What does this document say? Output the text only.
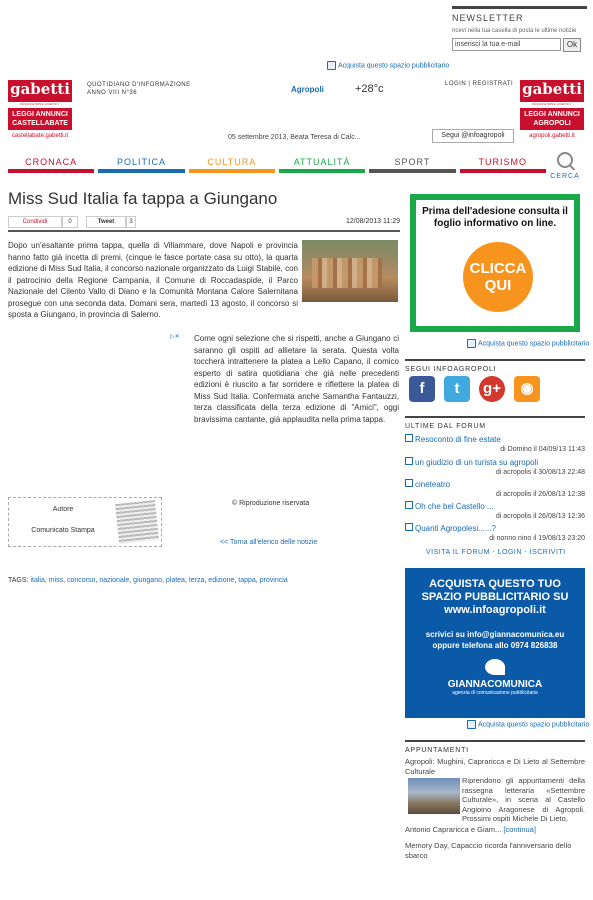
NEWSLETTER
ricevi nella tua casella di posta le ultime notizie
inserisci la tua e-mail	Ok
Acquista questo spazio pubblicitario
gabetti
FRANCHISING AGENCY
LEGGI ANNUNCI
CASTELLABATE
castellabate.gabetti.it
QUOTIDIANO D'INFORMAZIONE
ANNO VIII N°36	Agropoli	+28°c	LOGIN | REGISTRATI gabetti
FRANCHISING AGENCY
LEGGI ANNUNCI
AGROPOLI
agropoli.gabetti.it
05 settembre 2013, Beata Teresa di Calc...	Segui @infoagropoli
CRONACA	POLITICA	CULTURA	ATTUALITÀ	SPORT	TURISMO
CERCA
Miss Sud Italia fa tappa a Giungano
Condividi	0	Tweet	3	12/08/2013 11:29
Dopo un'esaltante prima tappa, quella di Villammare, dove Napoli e provincia hanno fatto già incetta di premi, (cinque le fasce portate casa su otto), la quarta edizione di Miss Sud Italia, il concorso nazionale organizzato da Luigi Stabile, con il patrocinio della Regione Campania, il Comune di Roccadaspide, il Parco Nazionale del Cilento Vallo di Diano e la Comunità Montana Calore Salernitana prosegue con una seconda data. Domani sera, martedì 13 agosto, il concorso si sposta a Giungano, in provincia di Salerno.
▷✕	Come ogni selezione che si rispetti, anche a Giungano ci saranno gli ospiti ad allietare la serata. Questa volta toccherà intrattenere la platea a Lello Capano, il comico esperto di satira quotidiana che già nelle precedenti edizioni è riuscito a far sorridere e riflettere la platea di Miss Sud Italia. Confermata anche Samantha Fantauzzi, terza classificata della terza edizione di "Amici", oggi bravissima cantante, già applaudita nella prima tappa.
Autore
Comunicato Stampa
© Riproduzione riservata
<< Torna all'elenco delle notizie
TAGS: italia, miss, concorso, nazionale, giungano, platea, terza, edizione, tappa, provincia
Prima dell'adesione consulta il foglio informativo on line.
CLICCA
QUI
Acquista questo spazio pubblicitario
SEGUI INFOAGROPOLI
f	t	g+	◉
ULTIME DAL FORUM
Resoconto di fine estate
di Domino il 04/09/13 11:43
un giudizio di un turista su agropoli
di acropolis il 30/08/13 22:48
cineteatro
di acropolis il 26/08/13 12:38
Oh che bel Castello ...
di acropolis il 26/08/13 12:36
Quanti Agropolesi......?
di nonno nino il 19/08/13 23:20
VISITA IL FORUM - LOGIN - ISCRIVITI
ACQUISTA QUESTO TUO
SPAZIO PUBBLICITARIO SU
www.infoagropoli.it
scrivici su info@giannacomunica.eu
oppure telefona allo 0974 826838
GIANNACOMUNICA
agenzia di comunicazione pubblicitaria
Acquista questo spazio pubblicitario
APPUNTAMENTI
Agropoli: Mughini, Capraricca e Di Lieto al Settembre Culturale
Riprendono gli appuntamenti della rassegna letteraria «Settembre Culturale», in scena al Castello Angioino Aragonese di Agropoli. Prossimi ospiti Michele Di Lieto,
Antonio Capraricca e Giam... [continua]
Memory Day, Capaccio ricorda l'anniversario dello sbarco
